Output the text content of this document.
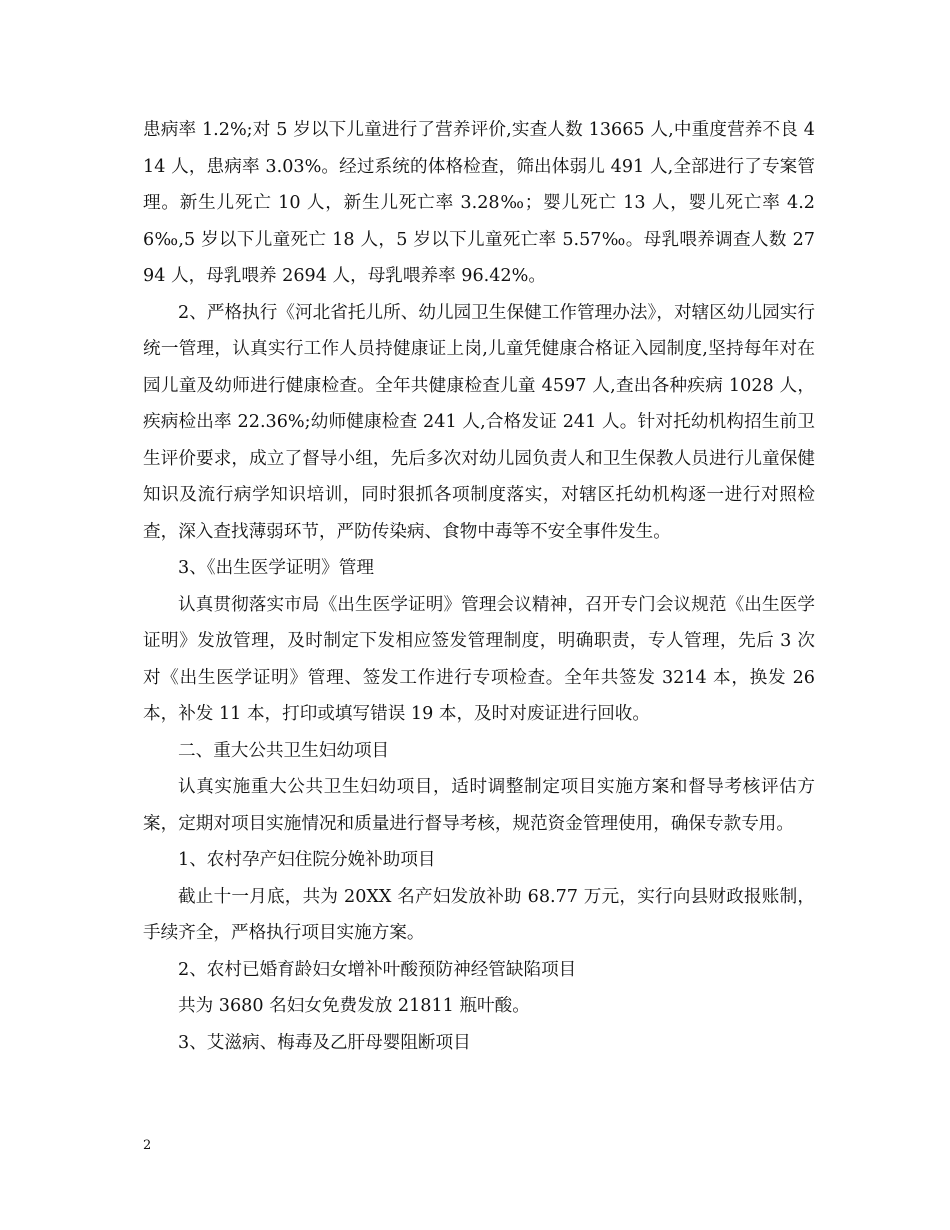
患病率 1.2%;对 5 岁以下儿童进行了营养评价,实查人数 13665 人,中重度营养不良 414 人，患病率 3.03%。经过系统的体格检查，筛出体弱儿 491 人,全部进行了专案管理。新生儿死亡 10 人，新生儿死亡率 3.28‰；婴儿死亡 13 人，婴儿死亡率 4.26‰,5 岁以下儿童死亡 18 人，5 岁以下儿童死亡率 5.57‰。母乳喂养调查人数 2794 人，母乳喂养 2694 人，母乳喂养率 96.42%。

2、严格执行《河北省托儿所、幼儿园卫生保健工作管理办法》，对辖区幼儿园实行统一管理，认真实行工作人员持健康证上岗,儿童凭健康合格证入园制度,坚持每年对在园儿童及幼师进行健康检查。全年共健康检查儿童 4597 人,查出各种疾病 1028 人，疾病检出率 22.36%;幼师健康检查 241 人,合格发证 241 人。针对托幼机构招生前卫生评价要求，成立了督导小组，先后多次对幼儿园负责人和卫生保教人员进行儿童保健知识及流行病学知识培训，同时狠抓各项制度落实，对辖区托幼机构逐一进行对照检查，深入查找薄弱环节，严防传染病、食物中毒等不安全事件发生。

3、《出生医学证明》管理

认真贯彻落实市局《出生医学证明》管理会议精神，召开专门会议规范《出生医学证明》发放管理，及时制定下发相应签发管理制度，明确职责，专人管理，先后 3 次对《出生医学证明》管理、签发工作进行专项检查。全年共签发 3214 本，换发 26 本，补发 11 本，打印或填写错误 19 本，及时对废证进行回收。

二、重大公共卫生妇幼项目

认真实施重大公共卫生妇幼项目，适时调整制定项目实施方案和督导考核评估方案，定期对项目实施情况和质量进行督导考核，规范资金管理使用，确保专款专用。

1、农村孕产妇住院分娩补助项目

截止十一月底，共为 20XX 名产妇发放补助 68.77 万元，实行向县财政报账制，手续齐全，严格执行项目实施方案。

2、农村已婚育龄妇女增补叶酸预防神经管缺陷项目

共为 3680 名妇女免费发放 21811 瓶叶酸。

3、艾滋病、梅毒及乙肝母婴阻断项目

2
